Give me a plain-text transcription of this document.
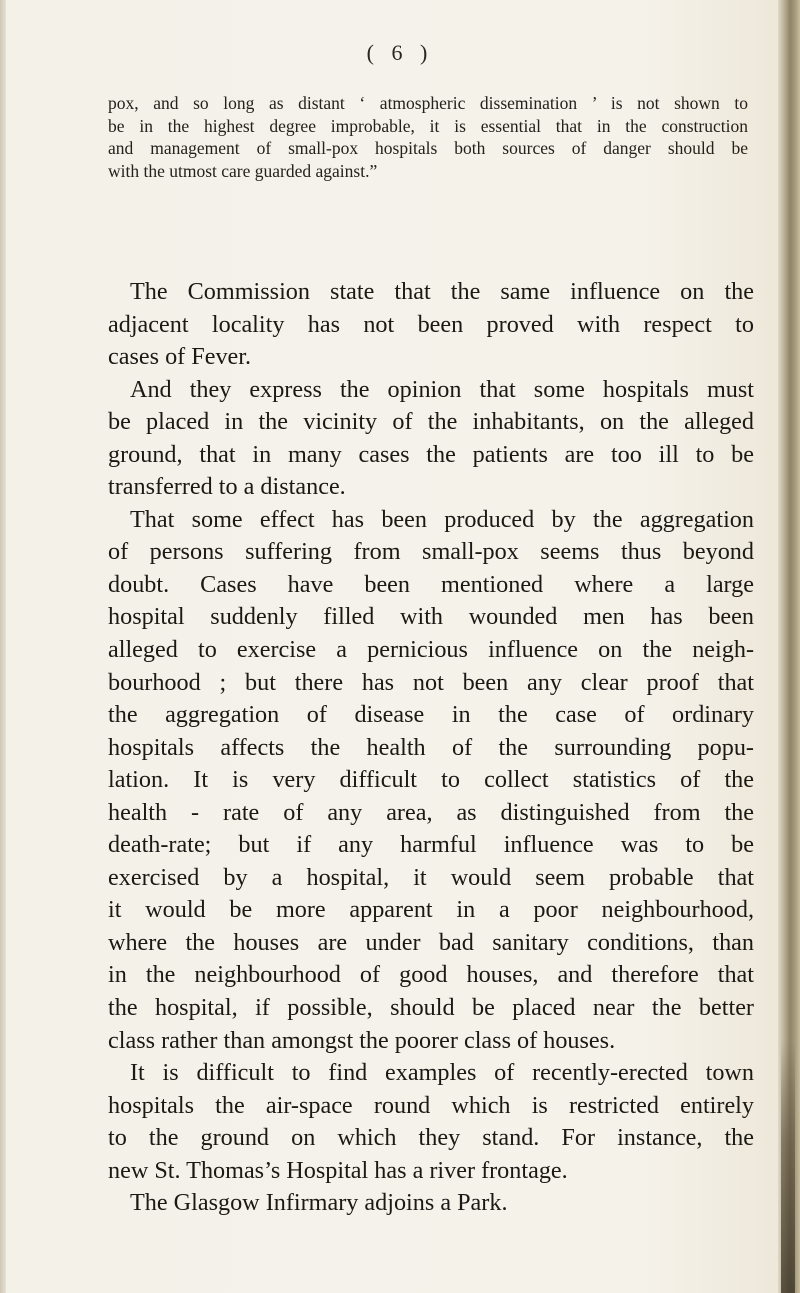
( 6 )
pox, and so long as distant ‘ atmospheric dissemination ’ is not shown to
be in the highest degree improbable, it is essential that in the construction
and management of small-pox hospitals both sources of danger should be
with the utmost care guarded against.”
The Commission state that the same influence on the
adjacent locality has not been proved with respect to
cases of Fever.
And they express the opinion that some hospitals must
be placed in the vicinity of the inhabitants, on the alleged
ground, that in many cases the patients are too ill to be
transferred to a distance.
That some effect has been produced by the aggregation
of persons suffering from small-pox seems thus beyond
doubt. Cases have been mentioned where a large
hospital suddenly filled with wounded men has been
alleged to exercise a pernicious influence on the neigh-
bourhood ; but there has not been any clear proof that
the aggregation of disease in the case of ordinary
hospitals affects the health of the surrounding popu-
lation. It is very difficult to collect statistics of the
health - rate of any area, as distinguished from the
death-rate; but if any harmful influence was to be
exercised by a hospital, it would seem probable that
it would be more apparent in a poor neighbourhood,
where the houses are under bad sanitary conditions, than
in the neighbourhood of good houses, and therefore that
the hospital, if possible, should be placed near the better
class rather than amongst the poorer class of houses.
It is difficult to find examples of recently-erected town
hospitals the air-space round which is restricted entirely
to the ground on which they stand. For instance, the
new St. Thomas’s Hospital has a river frontage.
The Glasgow Infirmary adjoins a Park.
